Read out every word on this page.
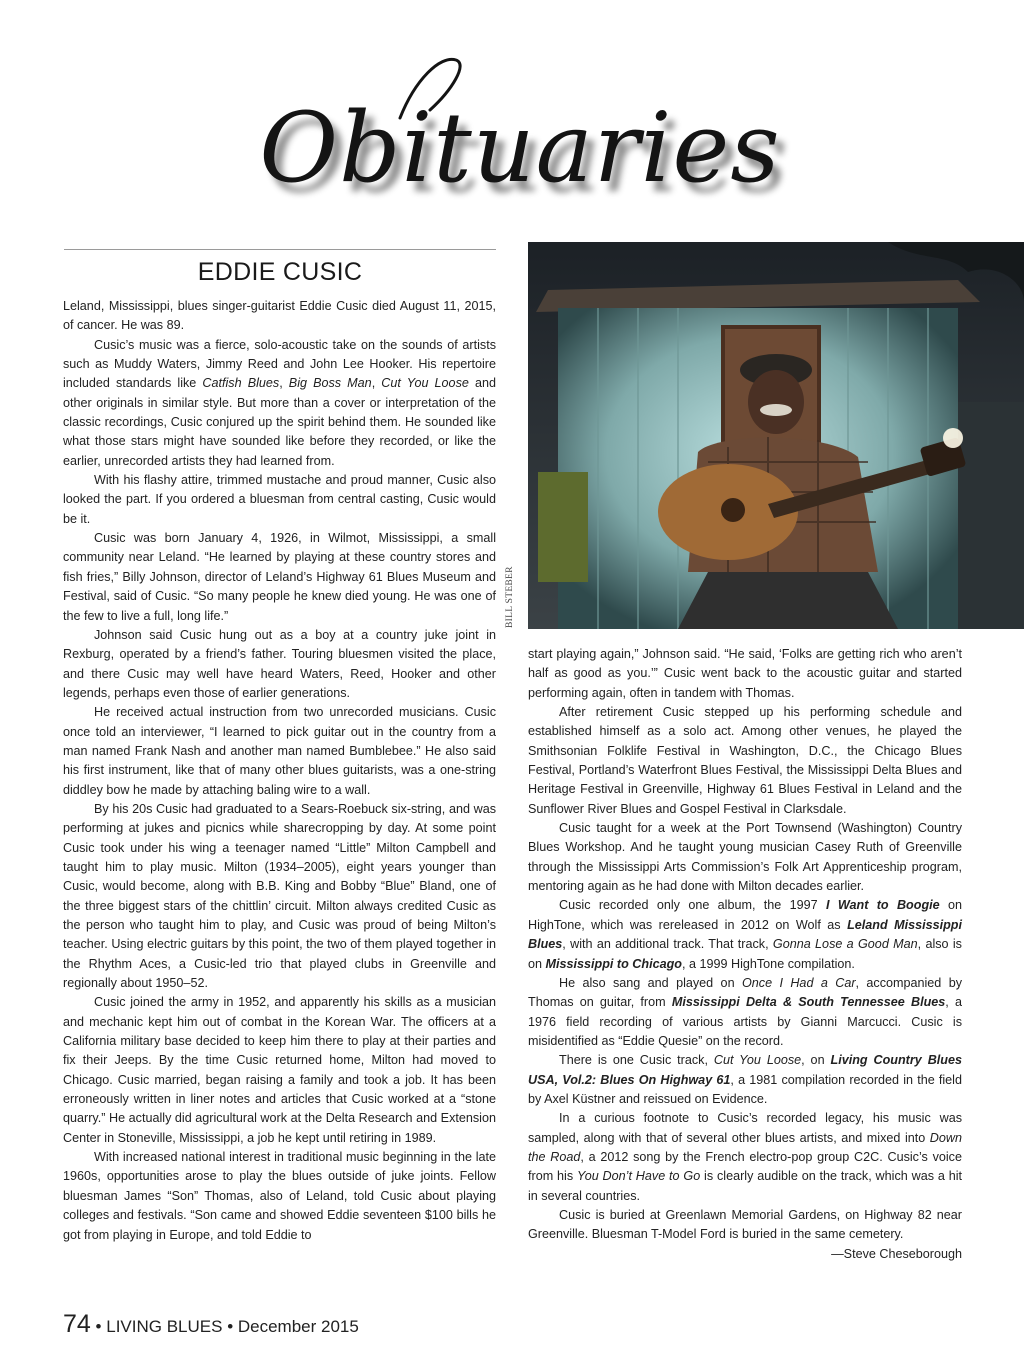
Obituaries
EDDIE CUSIC

Leland, Mississippi, blues singer-guitarist Eddie Cusic died August 11, 2015, of cancer. He was 89.

Cusic’s music was a fierce, solo-acoustic take on the sounds of artists such as Muddy Waters, Jimmy Reed and John Lee Hooker. His repertoire included standards like Catfish Blues, Big Boss Man, Cut You Loose and other originals in similar style. But more than a cover or interpretation of the classic recordings, Cusic conjured up the spirit behind them. He sounded like what those stars might have sounded like before they recorded, or like the earlier, unrecorded artists they had learned from.

With his flashy attire, trimmed mustache and proud manner, Cusic also looked the part. If you ordered a bluesman from central casting, Cusic would be it.

Cusic was born January 4, 1926, in Wilmot, Mississippi, a small community near Leland. “He learned by playing at these country stores and fish fries,” Billy Johnson, director of Leland’s Highway 61 Blues Museum and Festival, said of Cusic. “So many people he knew died young. He was one of the few to live a full, long life.”

Johnson said Cusic hung out as a boy at a country juke joint in Rexburg, operated by a friend’s father. Touring bluesmen visited the place, and there Cusic may well have heard Waters, Reed, Hooker and other legends, perhaps even those of earlier generations.

He received actual instruction from two unrecorded musicians. Cusic once told an interviewer, “I learned to pick guitar out in the country from a man named Frank Nash and another man named Bumblebee.” He also said his first instrument, like that of many other blues guitarists, was a one-string diddley bow he made by attaching baling wire to a wall.

By his 20s Cusic had graduated to a Sears-Roebuck six-string, and was performing at jukes and picnics while sharecropping by day. At some point Cusic took under his wing a teenager named “Little” Milton Campbell and taught him to play music. Milton (1934–2005), eight years younger than Cusic, would become, along with B.B. King and Bobby “Blue” Bland, one of the three biggest stars of the chittlin’ circuit. Milton always credited Cusic as the person who taught him to play, and Cusic was proud of being Milton’s teacher. Using electric guitars by this point, the two of them played together in the Rhythm Aces, a Cusic-led trio that played clubs in Greenville and regionally about 1950–52.

Cusic joined the army in 1952, and apparently his skills as a musician and mechanic kept him out of combat in the Korean War. The officers at a California military base decided to keep him there to play at their parties and fix their Jeeps. By the time Cusic returned home, Milton had moved to Chicago. Cusic married, began raising a family and took a job. It has been erroneously written in liner notes and articles that Cusic worked at a “stone quarry.” He actually did agricultural work at the Delta Research and Extension Center in Stoneville, Mississippi, a job he kept until retiring in 1989.

With increased national interest in traditional music beginning in the late 1960s, opportunities arose to play the blues outside of juke joints. Fellow bluesman James “Son” Thomas, also of Leland, told Cusic about playing colleges and festivals. “Son came and showed Eddie seventeen $100 bills he got from playing in Europe, and told Eddie to

BILL STEBER

start playing again,” Johnson said. “He said, ‘Folks are getting rich who aren’t half as good as you.’” Cusic went back to the acoustic guitar and started performing again, often in tandem with Thomas.

After retirement Cusic stepped up his performing schedule and established himself as a solo act. Among other venues, he played the Smithsonian Folklife Festival in Washington, D.C., the Chicago Blues Festival, Portland’s Waterfront Blues Festival, the Mississippi Delta Blues and Heritage Festival in Greenville, Highway 61 Blues Festival in Leland and the Sunflower River Blues and Gospel Festival in Clarksdale.

Cusic taught for a week at the Port Townsend (Washington) Country Blues Workshop. And he taught young musician Casey Ruth of Greenville through the Mississippi Arts Commission’s Folk Art Apprenticeship program, mentoring again as he had done with Milton decades earlier.

Cusic recorded only one album, the 1997 I Want to Boogie on HighTone, which was rereleased in 2012 on Wolf as Leland Mississippi Blues, with an additional track. That track, Gonna Lose a Good Man, also is on Mississippi to Chicago, a 1999 HighTone compilation.

He also sang and played on Once I Had a Car, accompanied by Thomas on guitar, from Mississippi Delta & South Tennessee Blues, a 1976 field recording of various artists by Gianni Marcucci. Cusic is misidentified as “Eddie Quesie” on the record.

There is one Cusic track, Cut You Loose, on Living Country Blues USA, Vol.2: Blues On Highway 61, a 1981 compilation recorded in the field by Axel Küstner and reissued on Evidence.

In a curious footnote to Cusic’s recorded legacy, his music was sampled, along with that of several other blues artists, and mixed into Down the Road, a 2012 song by the French electro-pop group C2C. Cusic’s voice from his You Don’t Have to Go is clearly audible on the track, which was a hit in several countries.

Cusic is buried at Greenlawn Memorial Gardens, on Highway 82 near Greenville. Bluesman T-Model Ford is buried in the same cemetery.

—Steve Cheseborough

74 • LIVING BLUES • December 2015
